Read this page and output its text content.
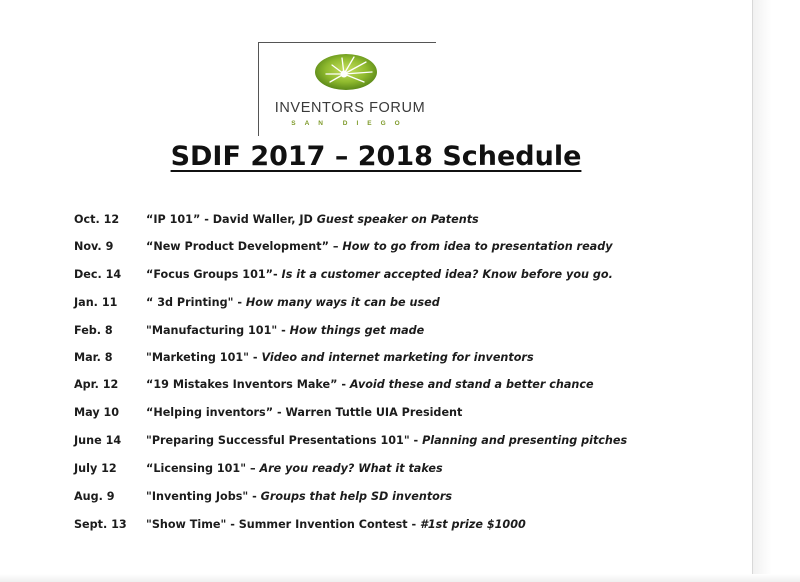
INVENTORS FORUM
SAN DIEGO
SDIF 2017 – 2018 Schedule
Oct. 12	“IP 101” - David Waller, JD Guest speaker on Patents
Nov. 9	“New Product Development” – How to go from idea to presentation ready
Dec. 14	“Focus Groups 101”- Is it a customer accepted idea? Know before you go.
Jan. 11	“ 3d Printing" - How many ways it can be used
Feb. 8	"Manufacturing 101" - How things get made
Mar. 8	"Marketing 101" - Video and internet marketing for inventors
Apr. 12	“19 Mistakes Inventors Make” - Avoid these and stand a better chance
May 10	“Helping inventors” - Warren Tuttle UIA President
June 14	"Preparing Successful Presentations 101" - Planning and presenting pitches
July 12	“Licensing 101" – Are you ready? What it takes
Aug. 9	"Inventing Jobs" - Groups that help SD inventors
Sept. 13	"Show Time" - Summer Invention Contest - #1st prize $1000
